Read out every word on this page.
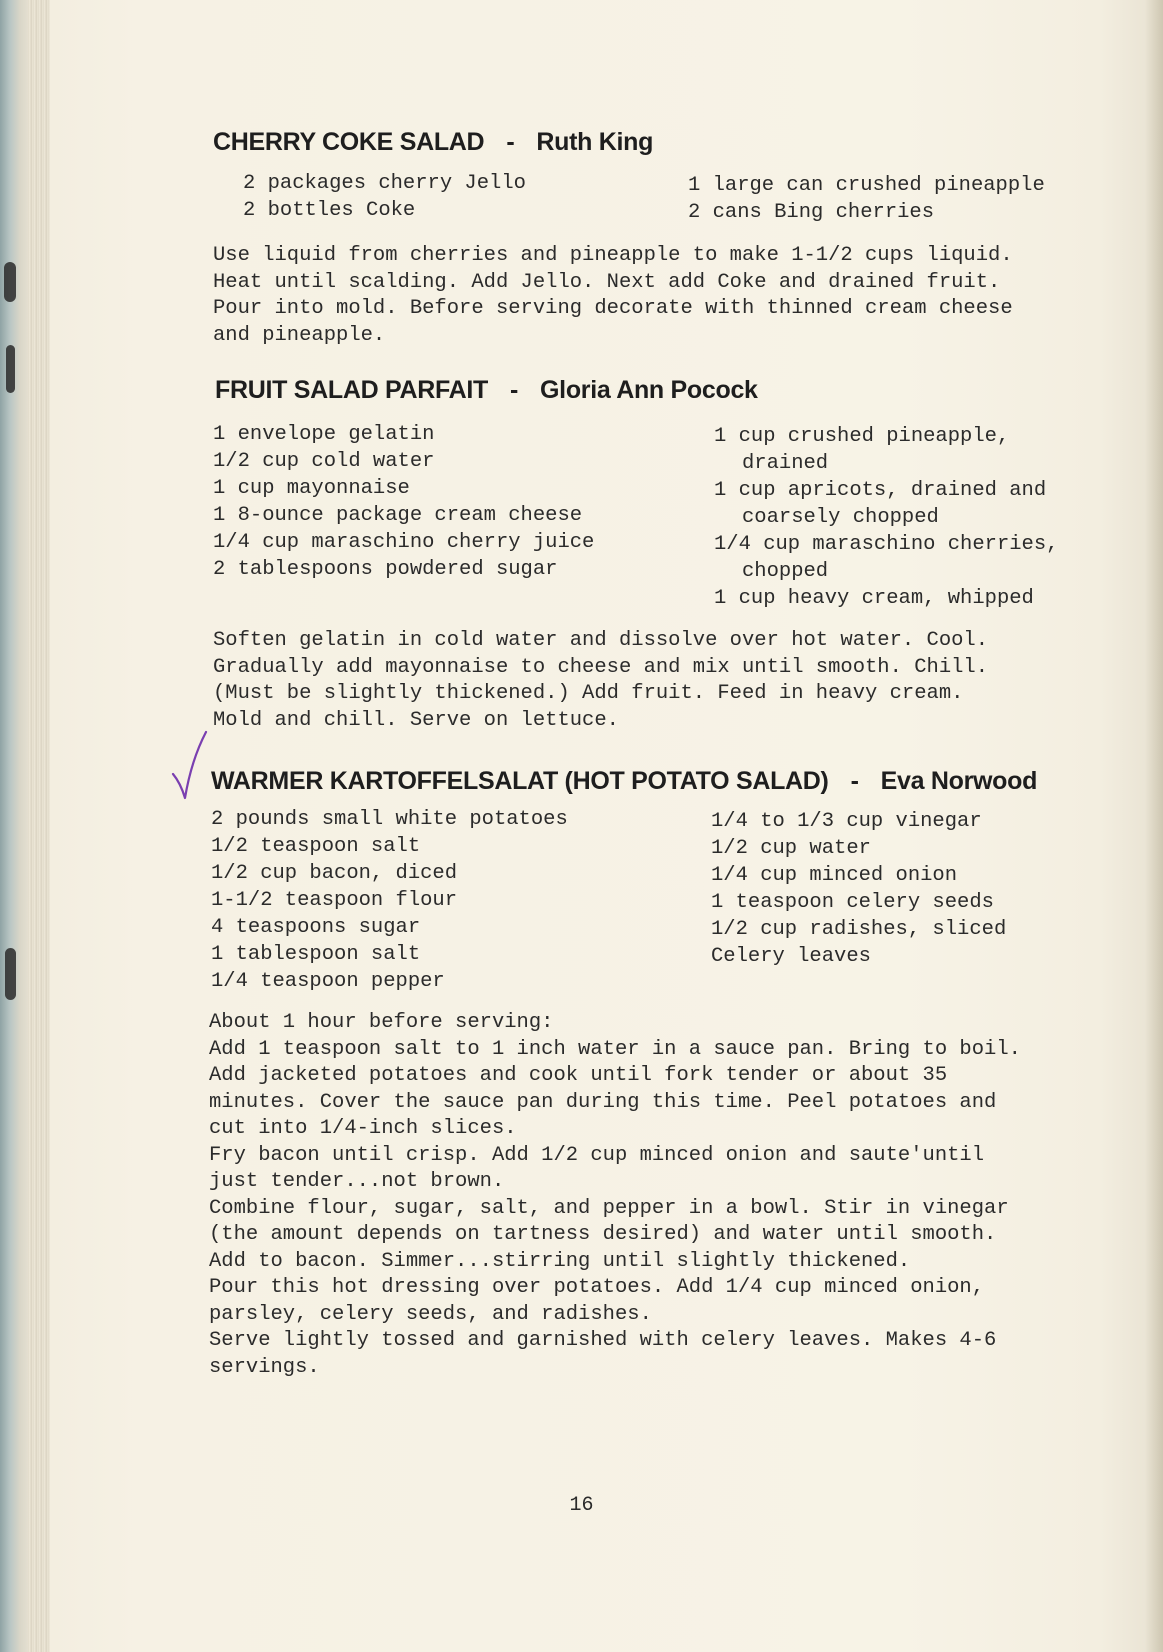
CHERRY COKE SALAD - Ruth King
2 packages cherry Jello
2 bottles Coke
1 large can crushed pineapple
2 cans Bing cherries
Use liquid from cherries and pineapple to make 1-1/2 cups liquid.
Heat until scalding. Add Jello. Next add Coke and drained fruit.
Pour into mold. Before serving decorate with thinned cream cheese
and pineapple.
FRUIT SALAD PARFAIT - Gloria Ann Pocock
1 envelope gelatin
1/2 cup cold water
1 cup mayonnaise
1 8-ounce package cream cheese
1/4 cup maraschino cherry juice
2 tablespoons powdered sugar
1 cup crushed pineapple,
drained
1 cup apricots, drained and
coarsely chopped
1/4 cup maraschino cherries,
chopped
1 cup heavy cream, whipped
Soften gelatin in cold water and dissolve over hot water. Cool.
Gradually add mayonnaise to cheese and mix until smooth. Chill.
(Must be slightly thickened.) Add fruit. Feed in heavy cream.
Mold and chill. Serve on lettuce.
WARMER KARTOFFELSALAT (HOT POTATO SALAD) - Eva Norwood
2 pounds small white potatoes
1/2 teaspoon salt
1/2 cup bacon, diced
1-1/2 teaspoon flour
4 teaspoons sugar
1 tablespoon salt
1/4 teaspoon pepper
1/4 to 1/3 cup vinegar
1/2 cup water
1/4 cup minced onion
1 teaspoon celery seeds
1/2 cup radishes, sliced
Celery leaves
About 1 hour before serving:
Add 1 teaspoon salt to 1 inch water in a sauce pan. Bring to boil.
Add jacketed potatoes and cook until fork tender or about 35
minutes. Cover the sauce pan during this time. Peel potatoes and
cut into 1/4-inch slices.
Fry bacon until crisp. Add 1/2 cup minced onion and saute'until
just tender...not brown.
Combine flour, sugar, salt, and pepper in a bowl. Stir in vinegar
(the amount depends on tartness desired) and water until smooth.
Add to bacon. Simmer...stirring until slightly thickened.
Pour this hot dressing over potatoes. Add 1/4 cup minced onion,
parsley, celery seeds, and radishes.
Serve lightly tossed and garnished with celery leaves. Makes 4-6
servings.
16
